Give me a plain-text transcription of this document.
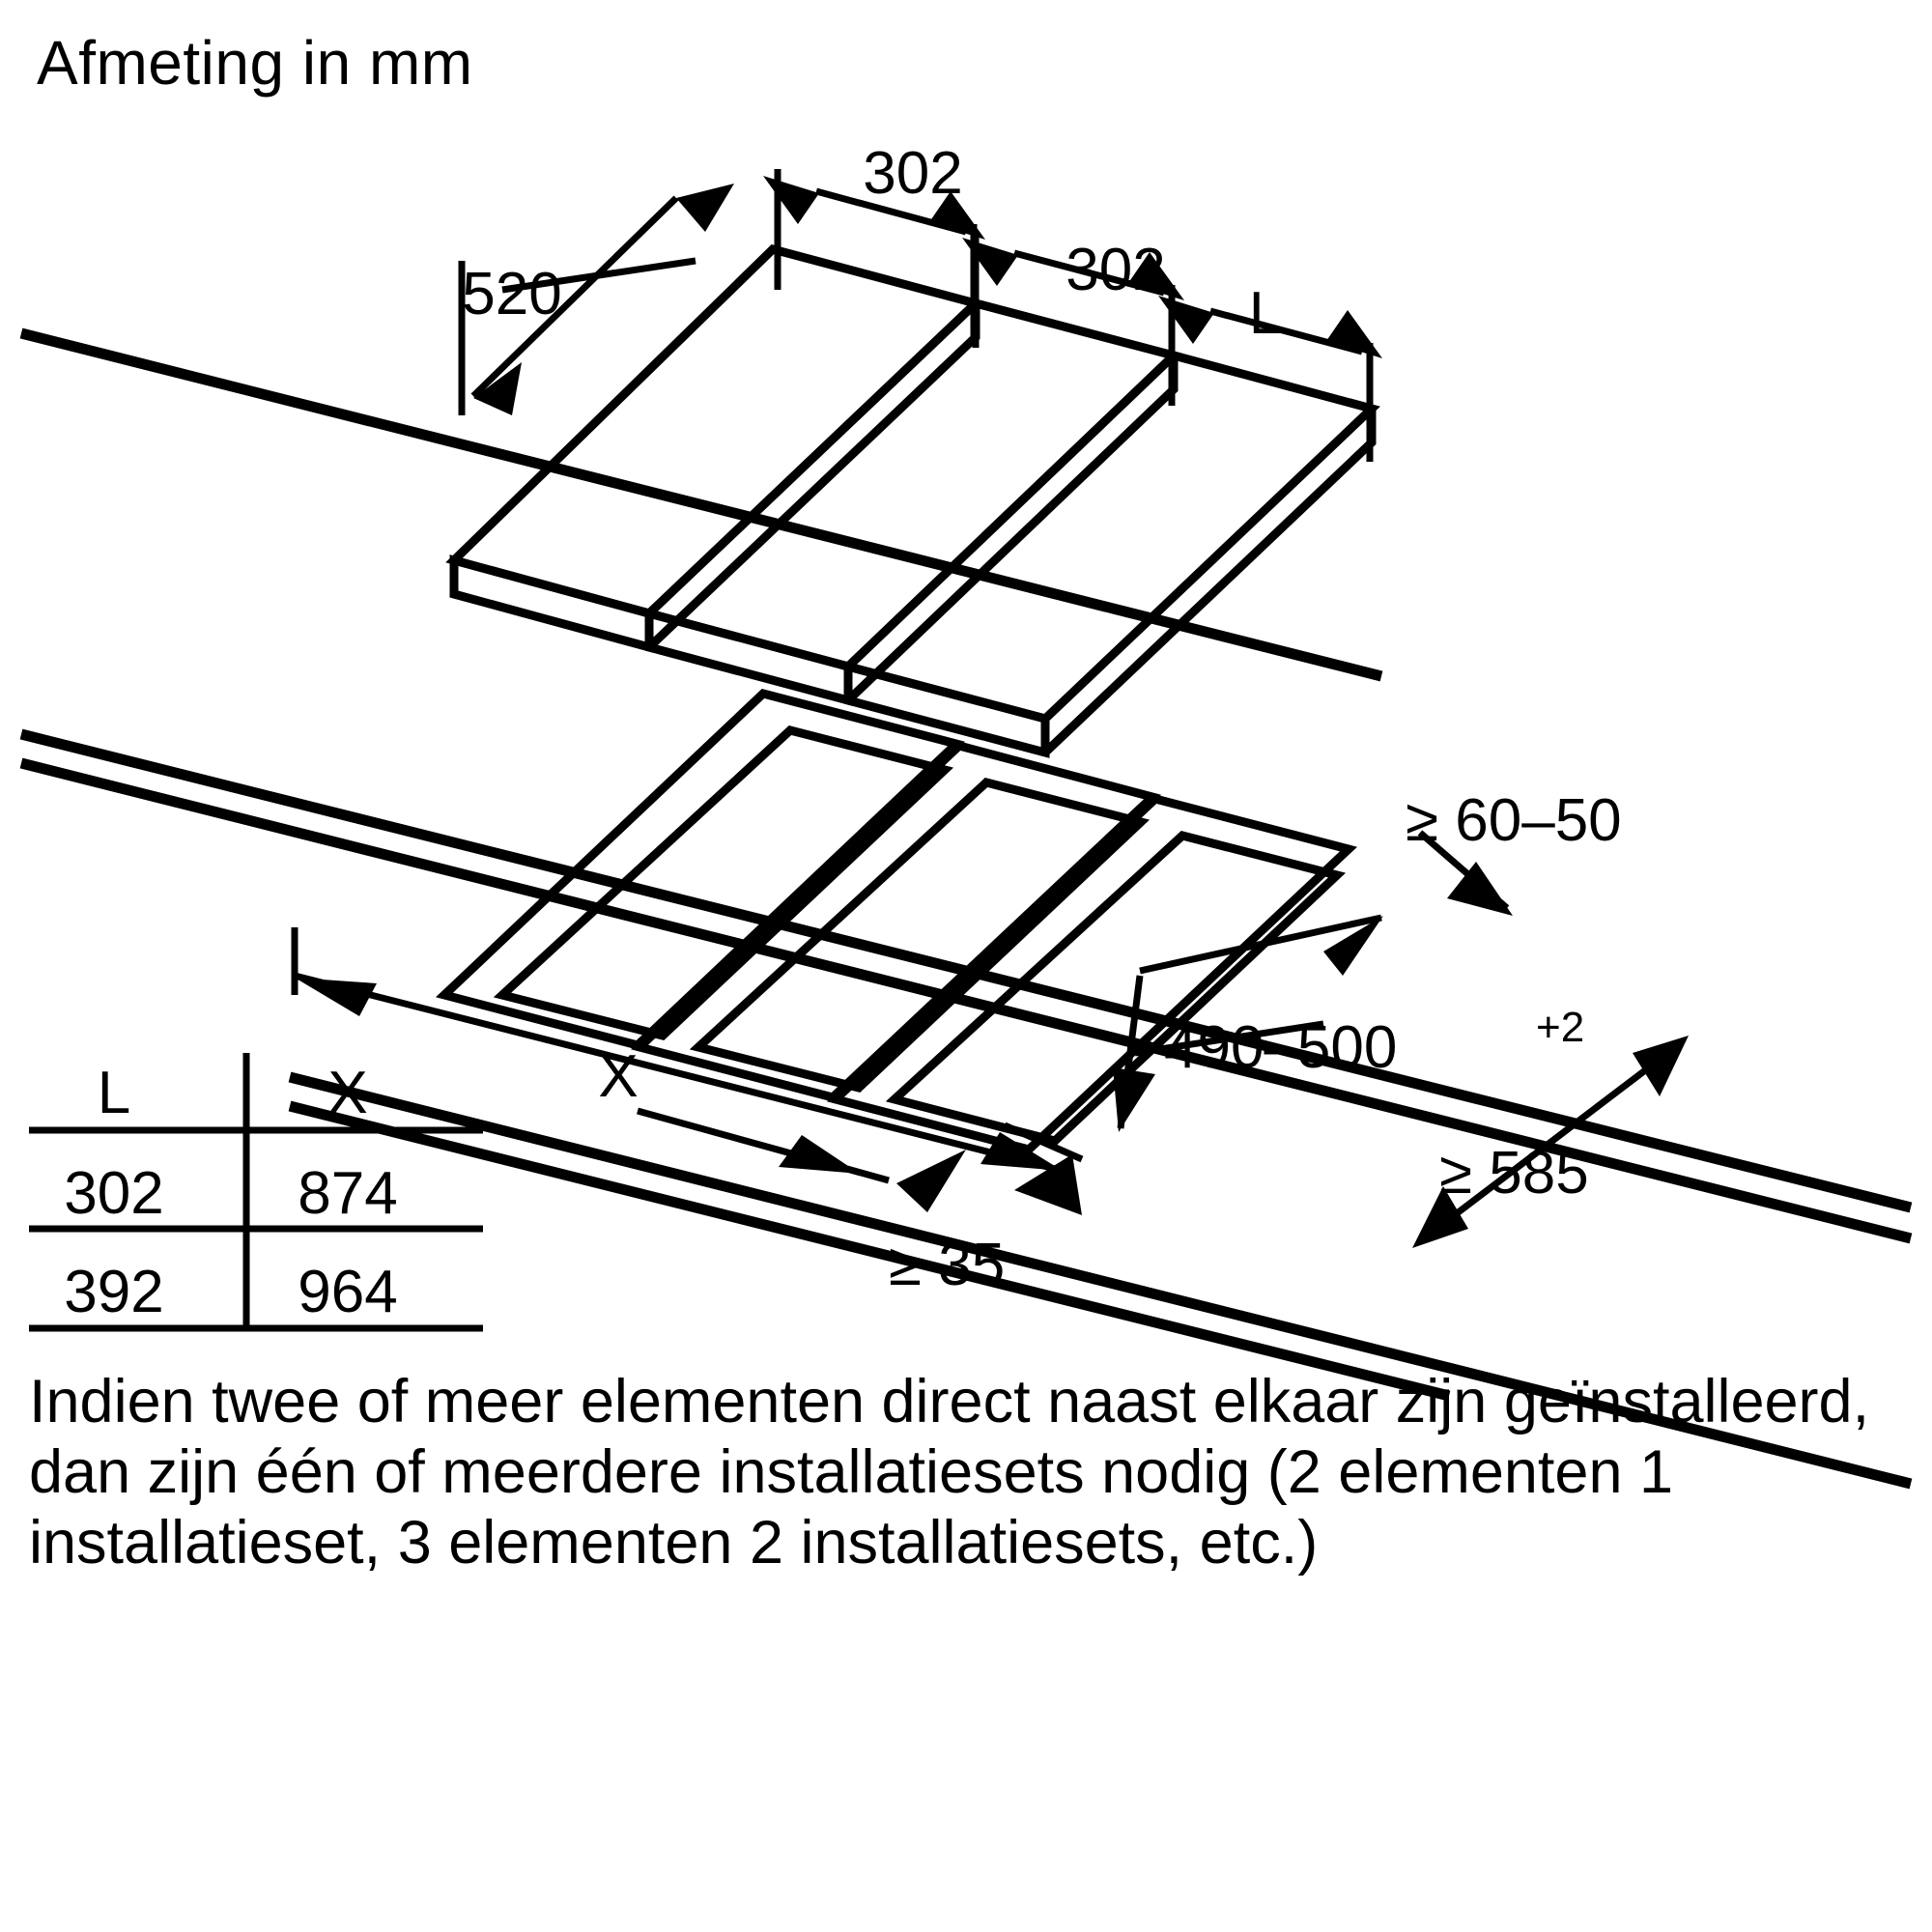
Afmeting in mm
520
302
302
L
X
≥ 60–50
490–500	+2
≥ 585
≥ 35
L	X
302 874
392 964
Indien twee of meer elementen direct naast elkaar zijn geïnstalleerd, dan zijn één of meerdere installatiesets nodig (2 elementen 1 installatieset, 3 elementen 2 installatiesets, etc.)
